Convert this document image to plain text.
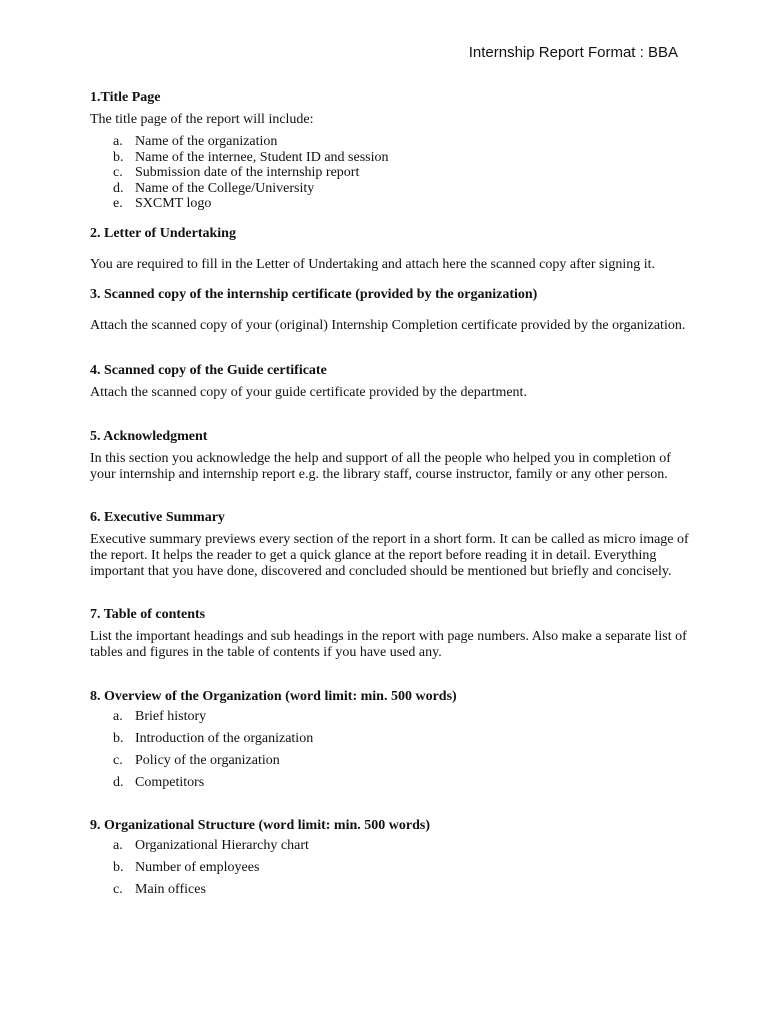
Internship Report Format : BBA

1.Title Page

The title page of the report will include:

a. Name of the organization
b. Name of the internee, Student ID and session
c. Submission date of the internship report
d. Name of the College/University
e. SXCMT logo

2. Letter of Undertaking

You are required to fill in the Letter of Undertaking and attach here the scanned copy after signing it.

3. Scanned copy of the internship certificate (provided by the organization)

Attach the scanned copy of your (original) Internship Completion certificate provided by the organization.

4. Scanned copy of the Guide certificate

Attach the scanned copy of your guide certificate provided by the department.

5. Acknowledgment

In this section you acknowledge the help and support of all the people who helped you in completion of your internship and internship report e.g. the library staff, course instructor, family or any other person.

6. Executive Summary

Executive summary previews every section of the report in a short form. It can be called as micro image of the report. It helps the reader to get a quick glance at the report before reading it in detail. Everything important that you have done, discovered and concluded should be mentioned but briefly and concisely.

7. Table of contents

List the important headings and sub headings in the report with page numbers. Also make a separate list of tables and figures in the table of contents if you have used any.

8. Overview of the Organization (word limit: min. 500 words)

a. Brief history
b. Introduction of the organization
c. Policy of the organization
d. Competitors

9. Organizational Structure (word limit: min. 500 words)

a. Organizational Hierarchy chart
b. Number of employees
c. Main offices
